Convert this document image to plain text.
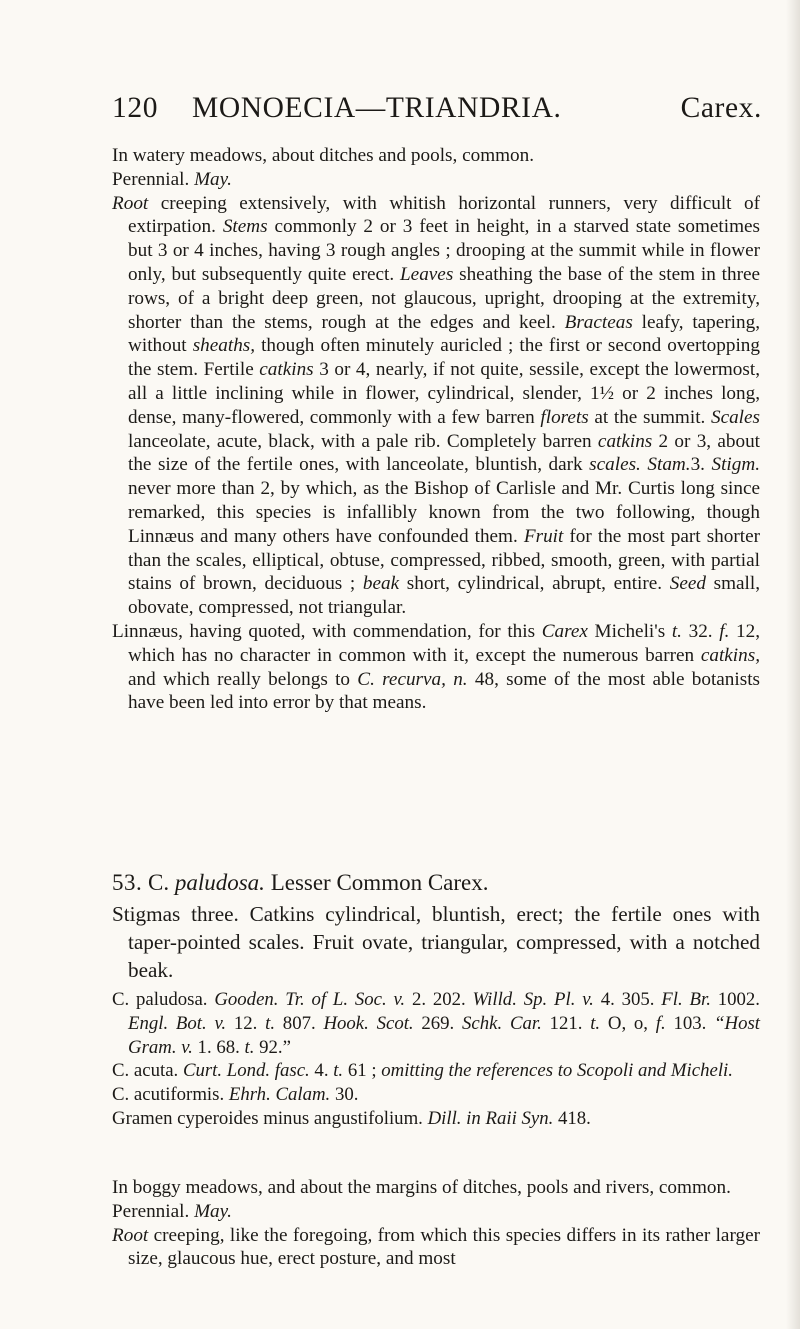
120 MONOECIA—TRIANDRIA.	Carex.

In watery meadows, about ditches and pools, common.

Perennial. May.

Root creeping extensively, with whitish horizontal runners, very difficult of extirpation. Stems commonly 2 or 3 feet in height, in a starved state sometimes but 3 or 4 inches, having 3 rough angles ; drooping at the summit while in flower only, but subsequently quite erect. Leaves sheathing the base of the stem in three rows, of a bright deep green, not glaucous, upright, drooping at the extremity, shorter than the stems, rough at the edges and keel. Bracteas leafy, tapering, without sheaths, though often minutely auricled ; the first or second overtopping the stem. Fertile catkins 3 or 4, nearly, if not quite, sessile, except the lowermost, all a little inclining while in flower, cylindrical, slender, 1½ or 2 inches long, dense, many-flowered, commonly with a few barren florets at the summit. Scales lanceolate, acute, black, with a pale rib. Completely barren catkins 2 or 3, about the size of the fertile ones, with lanceolate, bluntish, dark scales. Stam.3. Stigm. never more than 2, by which, as the Bishop of Carlisle and Mr. Curtis long since remarked, this species is infallibly known from the two following, though Linnæus and many others have confounded them. Fruit for the most part shorter than the scales, elliptical, obtuse, compressed, ribbed, smooth, green, with partial stains of brown, deciduous ; beak short, cylindrical, abrupt, entire. Seed small, obovate, compressed, not triangular.

Linnæus, having quoted, with commendation, for this Carex Micheli's t. 32. f. 12, which has no character in common with it, except the numerous barren catkins, and which really belongs to C. recurva, n. 48, some of the most able botanists have been led into error by that means.

53. C. paludosa. Lesser Common Carex.

Stigmas three. Catkins cylindrical, bluntish, erect; the fertile ones with taper-pointed scales. Fruit ovate, triangular, compressed, with a notched beak.

C. paludosa. Gooden. Tr. of L. Soc. v. 2. 202. Willd. Sp. Pl. v. 4. 305. Fl. Br. 1002. Engl. Bot. v. 12. t. 807. Hook. Scot. 269. Schk. Car. 121. t. O, o, f. 103. “Host Gram. v. 1. 68. t. 92.”

C. acuta. Curt. Lond. fasc. 4. t. 61 ; omitting the references to Scopoli and Micheli.

C. acutiformis. Ehrh. Calam. 30.

Gramen cyperoides minus angustifolium. Dill. in Raii Syn. 418.

In boggy meadows, and about the margins of ditches, pools and rivers, common.

Perennial. May.

Root creeping, like the foregoing, from which this species differs in its rather larger size, glaucous hue, erect posture, and most
